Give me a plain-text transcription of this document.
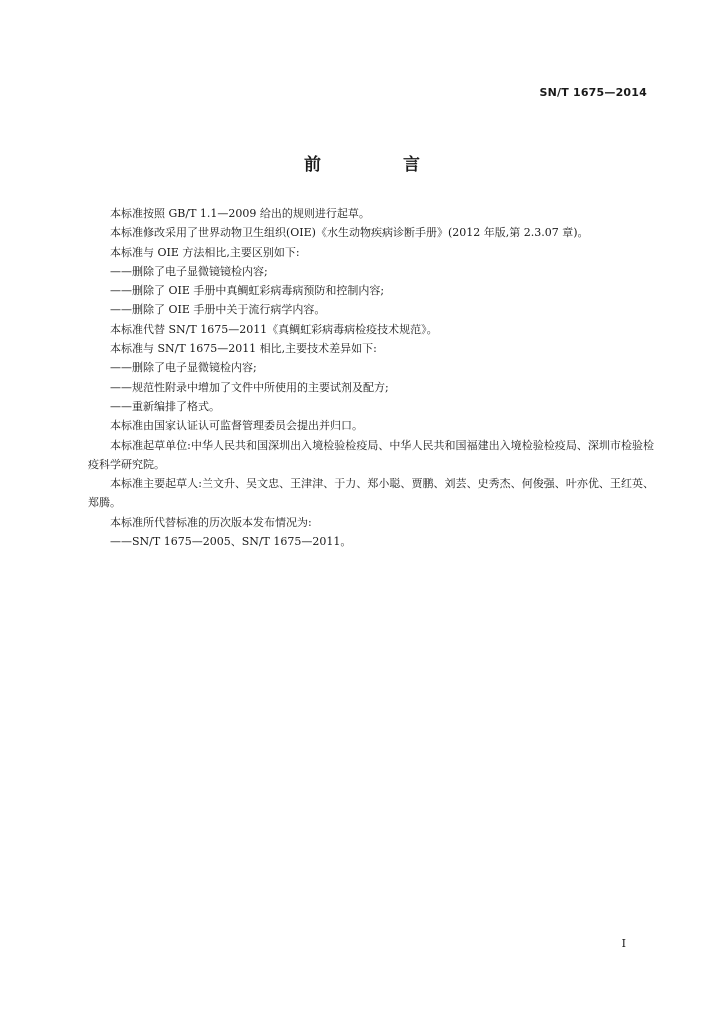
SN/T 1675—2014
前 言

本标准按照 GB/T 1.1—2009 给出的规则进行起草。

本标准修改采用了世界动物卫生组织(OIE)《水生动物疾病诊断手册》(2012 年版,第 2.3.07 章)。

本标准与 OIE 方法相比,主要区别如下:

——删除了电子显微镜镜检内容;

——删除了 OIE 手册中真鲷虹彩病毒病预防和控制内容;

——删除了 OIE 手册中关于流行病学内容。

本标准代替 SN/T 1675—2011《真鲷虹彩病毒病检疫技术规范》。

本标准与 SN/T 1675—2011 相比,主要技术差异如下:

——删除了电子显微镜检内容;

——规范性附录中增加了文件中所使用的主要试剂及配方;

——重新编排了格式。

本标准由国家认证认可监督管理委员会提出并归口。

本标准起草单位:中华人民共和国深圳出入境检验检疫局、中华人民共和国福建出入境检验检疫局、深圳市检验检疫科学研究院。

本标准主要起草人:兰文升、吴文忠、王津津、于力、郑小聪、贾鹏、刘芸、史秀杰、何俊强、叶亦优、王红英、郑腾。

本标准所代替标准的历次版本发布情况为:

——SN/T 1675—2005、SN/T 1675—2011。

I
